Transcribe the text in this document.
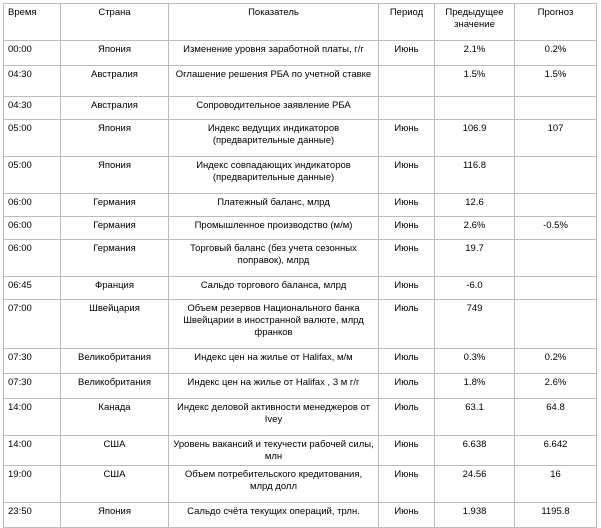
Время	Страна	Показатель	Период	Предыдущее значение	Прогноз
00:00	Япония	Изменение уровня заработной платы, г/г	Июнь	2.1%	0.2%
04:30	Австралия	Оглашение решения РБА по учетной ставке		1.5%	1.5%
04:30	Австралия	Сопроводительное заявление РБА			
05:00	Япония	Индекс ведущих индикаторов (предварительные данные)	Июнь	106.9	107
05:00	Япония	Индекс совпадающих индикаторов (предварительные данные)	Июнь	116.8	
06:00	Германия	Платежный баланс, млрд	Июнь	12.6	
06:00	Германия	Промышленное производство (м/м)	Июнь	2.6%	-0.5%
06:00	Германия	Торговый баланс (без учета сезонных поправок), млрд	Июнь	19.7	
06:45	Франция	Сальдо торгового баланса, млрд	Июнь	-6.0	
07:00	Швейцария	Объем резервов Национального банка Швейцарии в иностранной валюте, млрд франков	Июль	749	
07:30	Великобритания	Индекс цен на жилье от Halifax, м/м	Июль	0.3%	0.2%
07:30	Великобритания	Индекс цен на жилье от Halifax , 3 м г/г	Июль	1.8%	2.6%
14:00	Канада	Индекс деловой активности менеджеров от Ivey	Июль	63.1	64.8
14:00	США	Уровень вакансий и текучести рабочей силы, млн	Июнь	6.638	6.642
19:00	США	Объем потребительского кредитования, млрд долл	Июнь	24.56	16
23:50	Япония	Сальдо счёта текущих операций, трлн.	Июнь	1.938	1195.8
